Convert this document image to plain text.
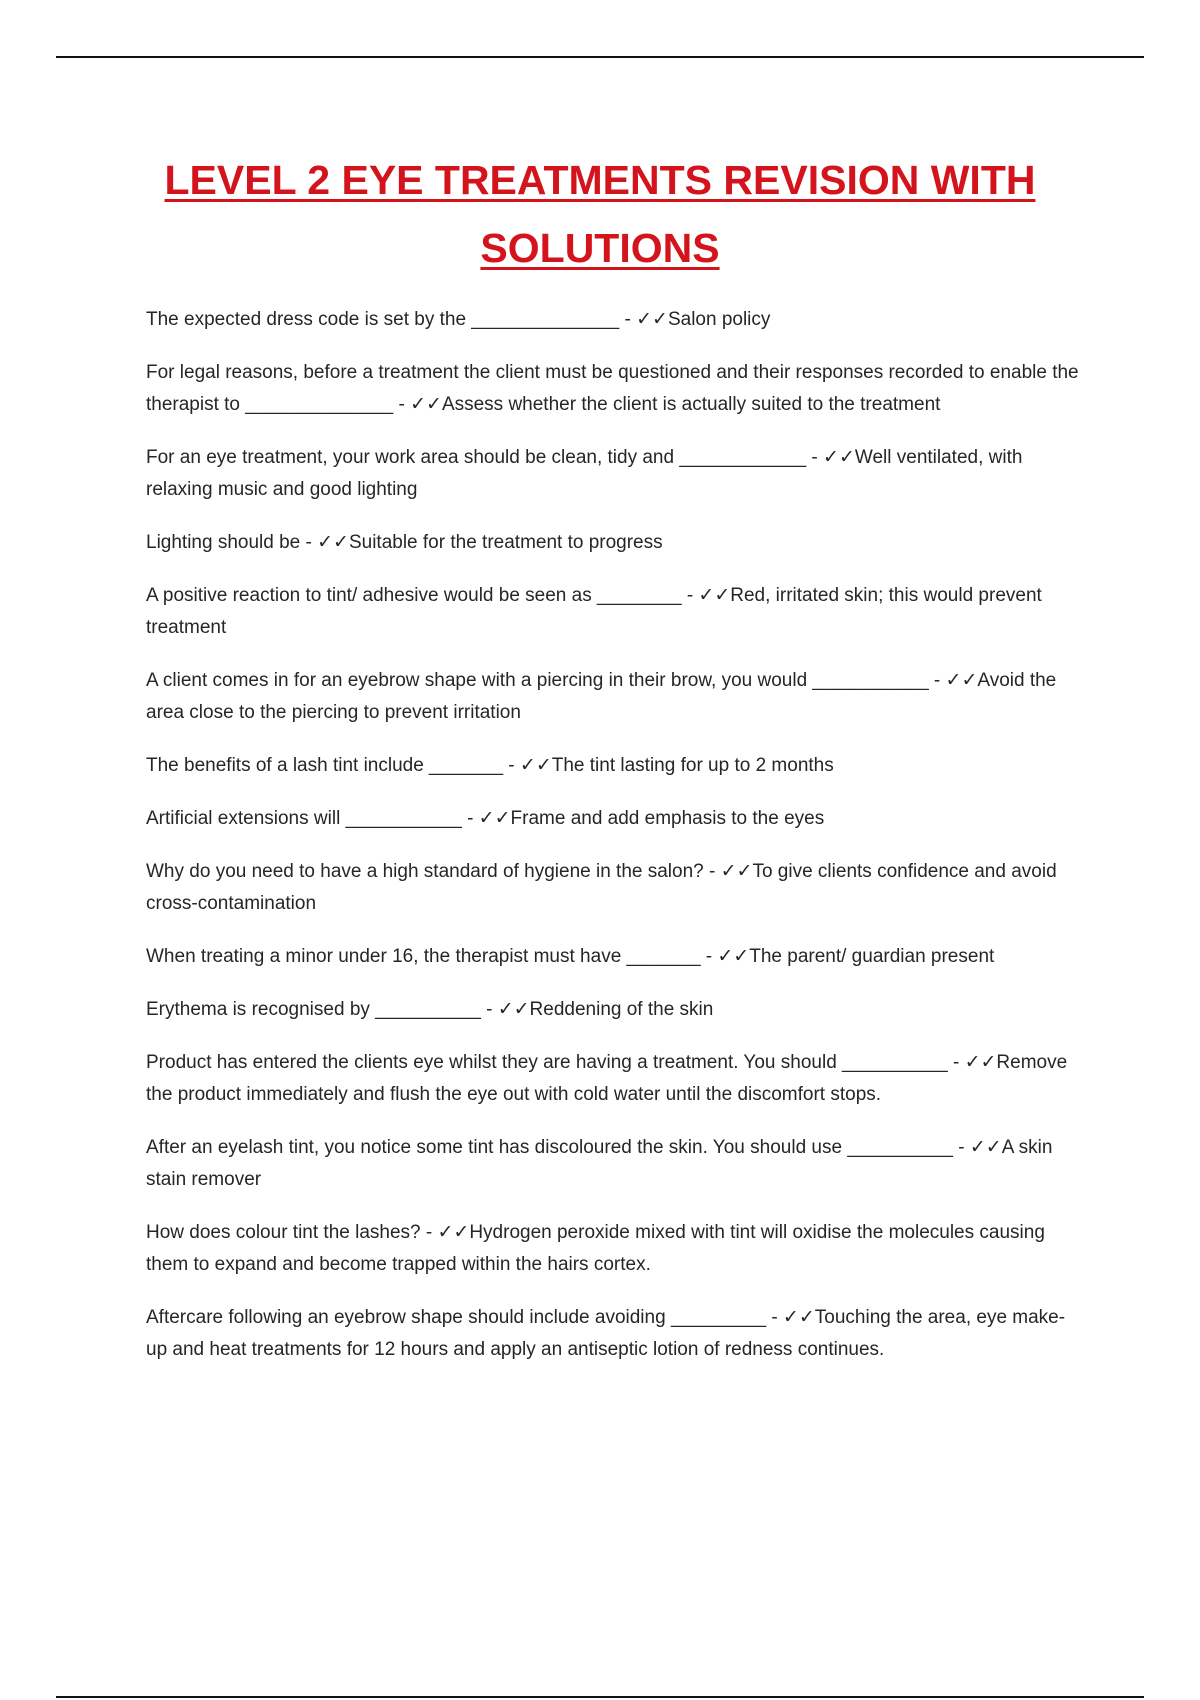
LEVEL 2 EYE TREATMENTS REVISION WITH
SOLUTIONS
The expected dress code is set by the ______________ - ✓✓Salon policy
For legal reasons, before a treatment the client must be questioned and their responses recorded to enable the therapist to ______________ - ✓✓Assess whether the client is actually suited to the treatment
For an eye treatment, your work area should be clean, tidy and ____________ - ✓✓Well ventilated, with relaxing music and good lighting
Lighting should be - ✓✓Suitable for the treatment to progress
A positive reaction to tint/ adhesive would be seen as ________ - ✓✓Red, irritated skin; this would prevent treatment
A client comes in for an eyebrow shape with a piercing in their brow, you would ___________ - ✓✓Avoid the area close to the piercing to prevent irritation
The benefits of a lash tint include _______ - ✓✓The tint lasting for up to 2 months
Artificial extensions will ___________ - ✓✓Frame and add emphasis to the eyes
Why do you need to have a high standard of hygiene in the salon? - ✓✓To give clients confidence and avoid cross-contamination
When treating a minor under 16, the therapist must have _______ - ✓✓The parent/ guardian present
Erythema is recognised by __________ - ✓✓Reddening of the skin
Product has entered the clients eye whilst they are having a treatment. You should __________ - ✓✓Remove the product immediately and flush the eye out with cold water until the discomfort stops.
After an eyelash tint, you notice some tint has discoloured the skin. You should use __________ - ✓✓A skin stain remover
How does colour tint the lashes? - ✓✓Hydrogen peroxide mixed with tint will oxidise the molecules causing them to expand and become trapped within the hairs cortex.
Aftercare following an eyebrow shape should include avoiding _________ - ✓✓Touching the area, eye make-up and heat treatments for 12 hours and apply an antiseptic lotion of redness continues.
